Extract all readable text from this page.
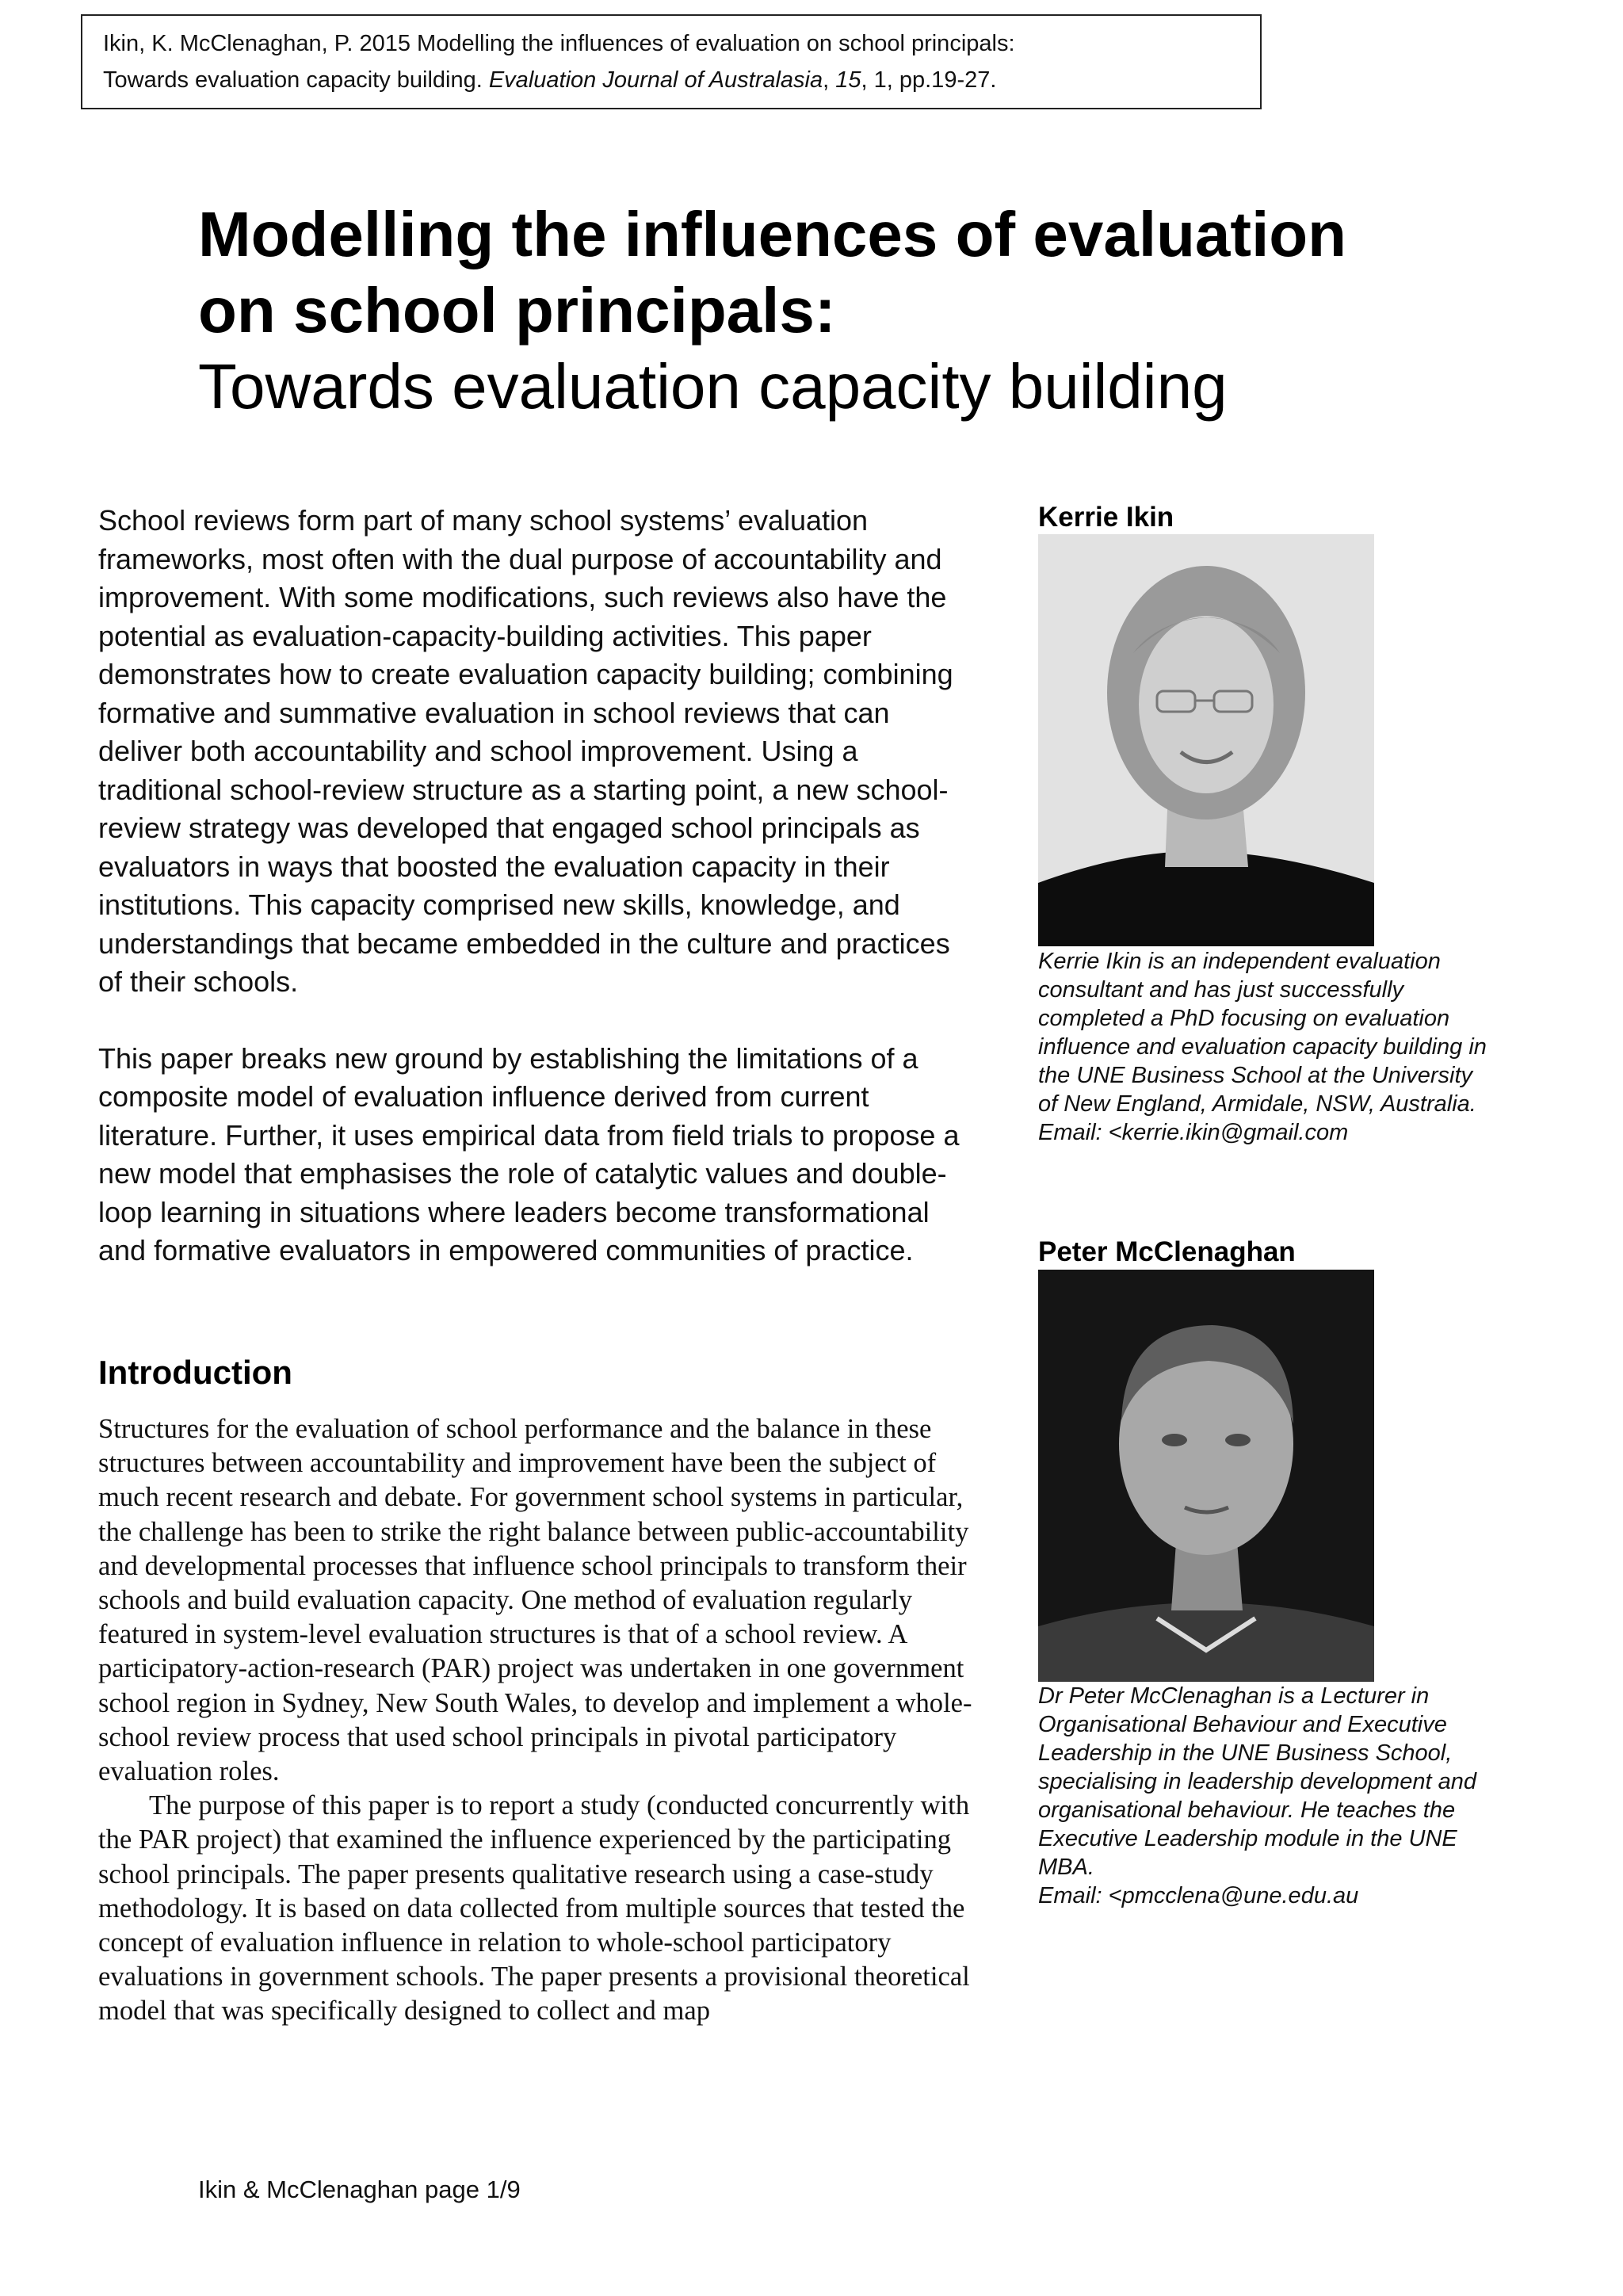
Ikin, K. McClenaghan, P. 2015 Modelling the influences of evaluation on school principals:
Towards evaluation capacity building. Evaluation Journal of Australasia, 15, 1, pp.19-27.
Modelling the influences of evaluation
on school principals:
Towards evaluation capacity building

School reviews form part of many school systems’ evaluation frameworks, most often with the dual purpose of accountability and improvement. With some modifications, such reviews also have the potential as evaluation-capacity-building activities. This paper demonstrates how to create evaluation capacity building; combining formative and summative evaluation in school reviews that can deliver both accountability and school improvement. Using a traditional school-review structure as a starting point, a new school-review strategy was developed that engaged school principals as evaluators in ways that boosted the evaluation capacity in their institutions. This capacity comprised new skills, knowledge, and understandings that became embedded in the culture and practices of their schools.

This paper breaks new ground by establishing the limitations of a composite model of evaluation influence derived from current literature. Further, it uses empirical data from field trials to propose a new model that emphasises the role of catalytic values and double-loop learning in situations where leaders become transformational and formative evaluators in empowered communities of practice.

Introduction

Structures for the evaluation of school performance and the balance in these structures between accountability and improvement have been the subject of much recent research and debate. For government school systems in particular, the challenge has been to strike the right balance between public-accountability and developmental processes that influence school principals to transform their schools and build evaluation capacity. One method of evaluation regularly featured in system-level evaluation structures is that of a school review. A participatory-action-research (PAR) project was undertaken in one government school region in Sydney, New South Wales, to develop and implement a whole-school review process that used school principals in pivotal participatory evaluation roles.

The purpose of this paper is to report a study (conducted concurrently with the PAR project) that examined the influence experienced by the participating school principals. The paper presents qualitative research using a case-study methodology. It is based on data collected from multiple sources that tested the concept of evaluation influence in relation to whole-school participatory evaluations in government schools. The paper presents a provisional theoretical model that was specifically designed to collect and map

Kerrie Ikin

Kerrie Ikin is an independent evaluation consultant and has just successfully completed a PhD focusing on evaluation influence and evaluation capacity building in the UNE Business School at the University of New England, Armidale, NSW, Australia.

Email: <kerrie.ikin@gmail.com

Peter McClenaghan

Dr Peter McClenaghan is a Lecturer in Organisational Behaviour and Executive Leadership in the UNE Business School, specialising in leadership development and organisational behaviour. He teaches the Executive Leadership module in the UNE MBA.

Email: <pmcclena@une.edu.au

Ikin & McClenaghan page 1/9
